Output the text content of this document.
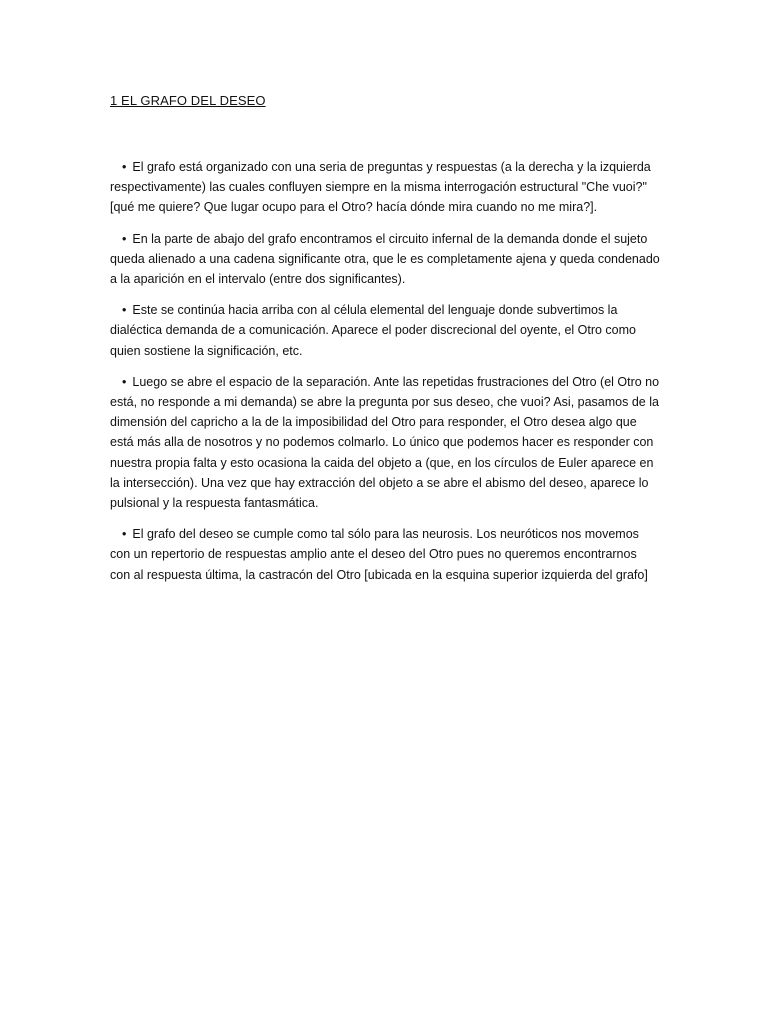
1 EL GRAFO DEL DESEO

• El grafo está organizado con una seria de preguntas y respuestas (a la derecha y la izquierda respectivamente) las cuales confluyen siempre en la misma interrogación estructural "Che vuoi?" [qué me quiere? Que lugar ocupo para el Otro? hacía dónde mira cuando no me mira?].

• En la parte de abajo del grafo encontramos el circuito infernal de la demanda donde el sujeto queda alienado a una cadena significante otra, que le es completamente ajena y queda condenado a la aparición en el intervalo (entre dos significantes).

• Este se continúa hacia arriba con al célula elemental del lenguaje donde subvertimos la dialéctica demanda de a comunicación. Aparece el poder discrecional del oyente, el Otro como quien sostiene la significación, etc.

• Luego se abre el espacio de la separación. Ante las repetidas frustraciones del Otro (el Otro no está, no responde a mi demanda) se abre la pregunta por sus deseo, che vuoi? Asi, pasamos de la dimensión del capricho a la de la imposibilidad del Otro para responder, el Otro desea algo que está más alla de nosotros y no podemos colmarlo. Lo único que podemos hacer es responder con nuestra propia falta y esto ocasiona la caida del objeto a (que, en los círculos de Euler aparece en la intersección). Una vez que hay extracción del objeto a se abre el abismo del deseo, aparece lo pulsional y la respuesta fantasmática.

• El grafo del deseo se cumple como tal sólo para las neurosis. Los neuróticos nos movemos con un repertorio de respuestas amplio ante el deseo del Otro pues no queremos encontrarnos con al respuesta última, la castracón del Otro [ubicada en la esquina superior izquierda del grafo]
